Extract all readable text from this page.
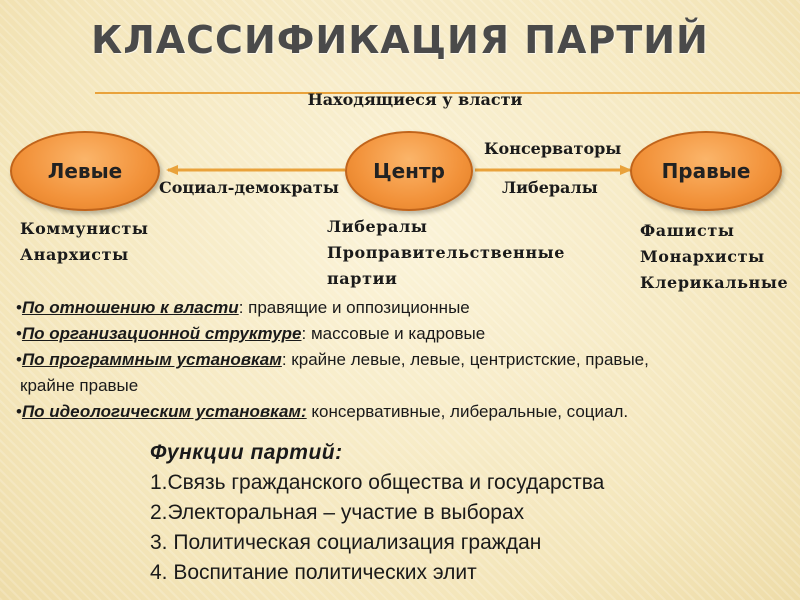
КЛАССИФИКАЦИЯ ПАРТИЙ
Находящиеся у власти
Левые	Центр	Правые
Социал-демократы
Консерваторы
Либералы
Коммунисты
Анархисты
Либералы
Проправительственные
партии
Фашисты
Монархисты
Клерикальные
•По отношению к власти: правящие и оппозиционные
•По организационной структуре: массовые и кадровые
•По программным установкам: крайне левые, левые, центристские, правые,
крайне правые
•По идеологическим установкам: консервативные, либеральные, социал.
Функции партий:
1.Связь гражданского общества и государства
2.Электоральная – участие в выборах
3. Политическая социализация граждан
4. Воспитание политических элит
